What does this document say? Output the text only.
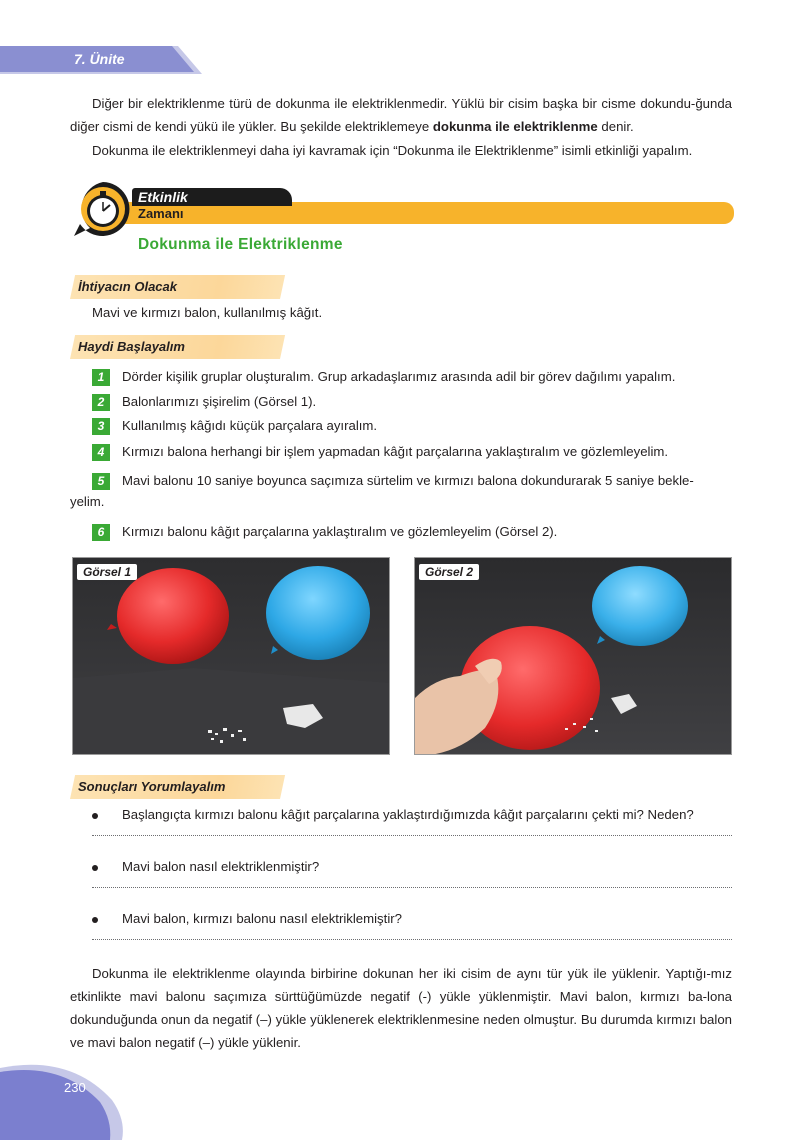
7. Ünite
Diğer bir elektriklenme türü de dokunma ile elektriklenmedir. Yüklü bir cisim başka bir cisme dokundu-ğunda diğer cismi de kendi yükü ile yükler. Bu şekilde elektriklemeye dokunma ile elektriklenme denir.
Dokunma ile elektriklenmeyi daha iyi kavramak için “Dokunma ile Elektriklenme” isimli etkinliği yapalım.
Etkinlik
Zamanı
Dokunma ile Elektriklenme
İhtiyacın Olacak
Mavi ve kırmızı balon, kullanılmış kâğıt.
Haydi Başlayalım
1	Dörder kişilik gruplar oluşturalım. Grup arkadaşlarımız arasında adil bir görev dağılımı yapalım.
2	Balonlarımızı şişirelim (Görsel 1).
3	Kullanılmış kâğıdı küçük parçalara ayıralım.
4	Kırmızı balona herhangi bir işlem yapmadan kâğıt parçalarına yaklaştıralım ve gözlemleyelim.
5	Mavi balonu 10 saniye boyunca saçımıza sürtelim ve kırmızı balona dokundurarak 5 saniye bekle-
yelim.
6	Kırmızı balonu kâğıt parçalarına yaklaştıralım ve gözlemleyelim (Görsel 2).
Görsel 1	Görsel 2
Sonuçları Yorumlayalım
Başlangıçta kırmızı balonu kâğıt parçalarına yaklaştırdığımızda kâğıt parçalarını çekti mi? Neden?
Mavi balon nasıl elektriklenmiştir?
Mavi balon, kırmızı balonu nasıl elektriklemiştir?
Dokunma ile elektriklenme olayında birbirine dokunan her iki cisim de aynı tür yük ile yüklenir. Yaptığı-mız etkinlikte mavi balonu saçımıza sürttüğümüzde negatif (-) yükle yüklenmiştir. Mavi balon, kırmızı ba-lona dokunduğunda onun da negatif (–) yükle yüklenerek elektriklenmesine neden olmuştur. Bu durumda kırmızı balon ve mavi balon negatif (–) yükle yüklenir.
230
